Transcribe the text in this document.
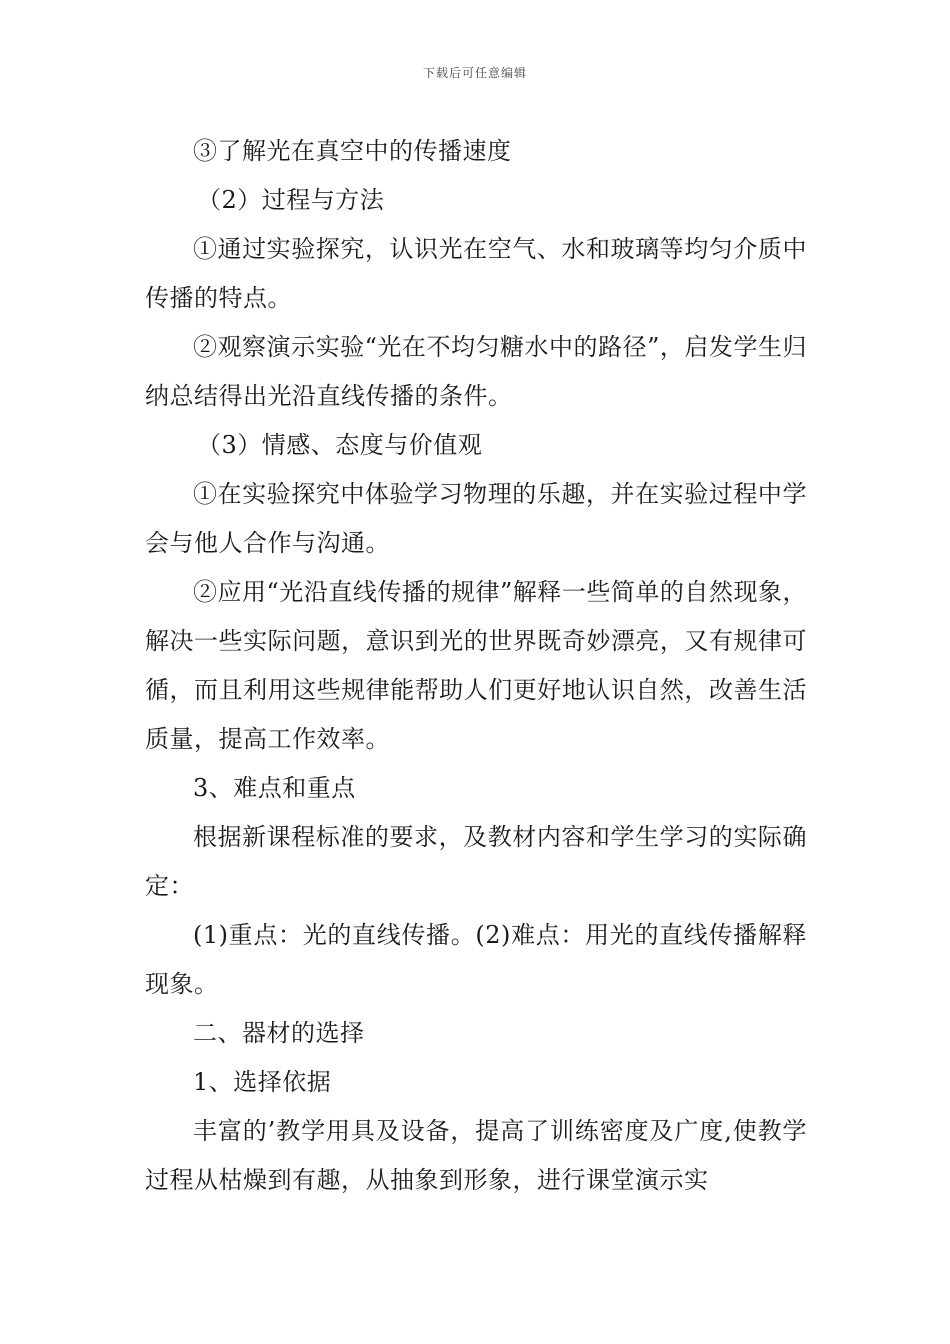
下载后可任意编辑

③了解光在真空中的传播速度

（2）过程与方法

①通过实验探究，认识光在空气、水和玻璃等均匀介质中传播的特点。

②观察演示实验“光在不均匀糖水中的路径”，启发学生归纳总结得出光沿直线传播的条件。

（3）情感、态度与价值观

①在实验探究中体验学习物理的乐趣，并在实验过程中学会与他人合作与沟通。

②应用“光沿直线传播的规律”解释一些简单的自然现象，解决一些实际问题，意识到光的世界既奇妙漂亮，又有规律可循，而且利用这些规律能帮助人们更好地认识自然，改善生活质量，提高工作效率。

3、难点和重点

根据新课程标准的要求，及教材内容和学生学习的实际确定：

(1)重点：光的直线传播。(2)难点：用光的直线传播解释现象。

二、器材的选择

1、选择依据

丰富的’教学用具及设备，提高了训练密度及广度,使教学过程从枯燥到有趣，从抽象到形象，进行课堂演示实
